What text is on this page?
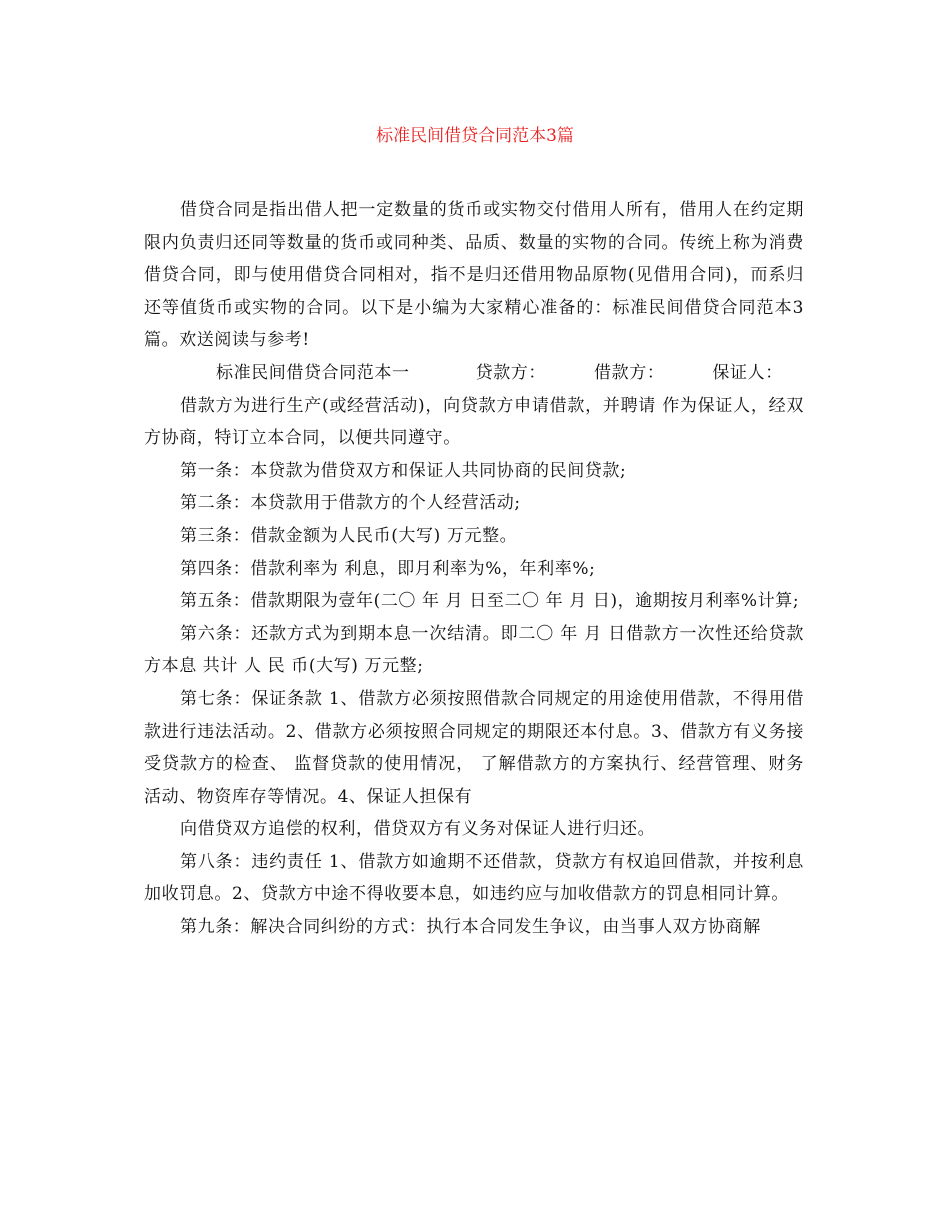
标准民间借贷合同范本3篇

借贷合同是指出借人把一定数量的货币或实物交付借用人所有，借用人在约定期限内负责归还同等数量的货币或同种类、品质、数量的实物的合同。传统上称为消费借贷合同，即与使用借贷合同相对，指不是归还借用物品原物(见借用合同)，而系归还等值货币或实物的合同。以下是小编为大家精心准备的：标准民间借贷合同范本3篇。欢送阅读与参考!

标准民间借贷合同范本一	贷款方：	借款方：	保证人：

借款方为进行生产(或经营活动)，向贷款方申请借款，并聘请 作为保证人，经双方协商，特订立本合同，以便共同遵守。

第一条：本贷款为借贷双方和保证人共同协商的民间贷款;

第二条：本贷款用于借款方的个人经营活动;

第三条：借款金额为人民币(大写) 万元整。

第四条：借款利率为 利息，即月利率为%，年利率%;

第五条：借款期限为壹年(二〇 年 月 日至二〇 年 月 日)，逾期按月利率%计算;

第六条：还款方式为到期本息一次结清。即二〇 年 月 日借款方一次性还给贷款方本息 共计 人 民 币(大写) 万元整;

第七条：保证条款 1、借款方必须按照借款合同规定的用途使用借款，不得用借款进行违法活动。2、借款方必须按照合同规定的期限还本付息。3、借款方有义务接受贷款方的检查、 监督贷款的使用情况， 了解借款方的方案执行、经营管理、财务活动、物资库存等情况。4、保证人担保有

向借贷双方追偿的权利，借贷双方有义务对保证人进行归还。

第八条：违约责任 1、借款方如逾期不还借款，贷款方有权追回借款，并按利息加收罚息。2、贷款方中途不得收要本息，如违约应与加收借款方的罚息相同计算。

第九条：解决合同纠纷的方式：执行本合同发生争议，由当事人双方协商解
